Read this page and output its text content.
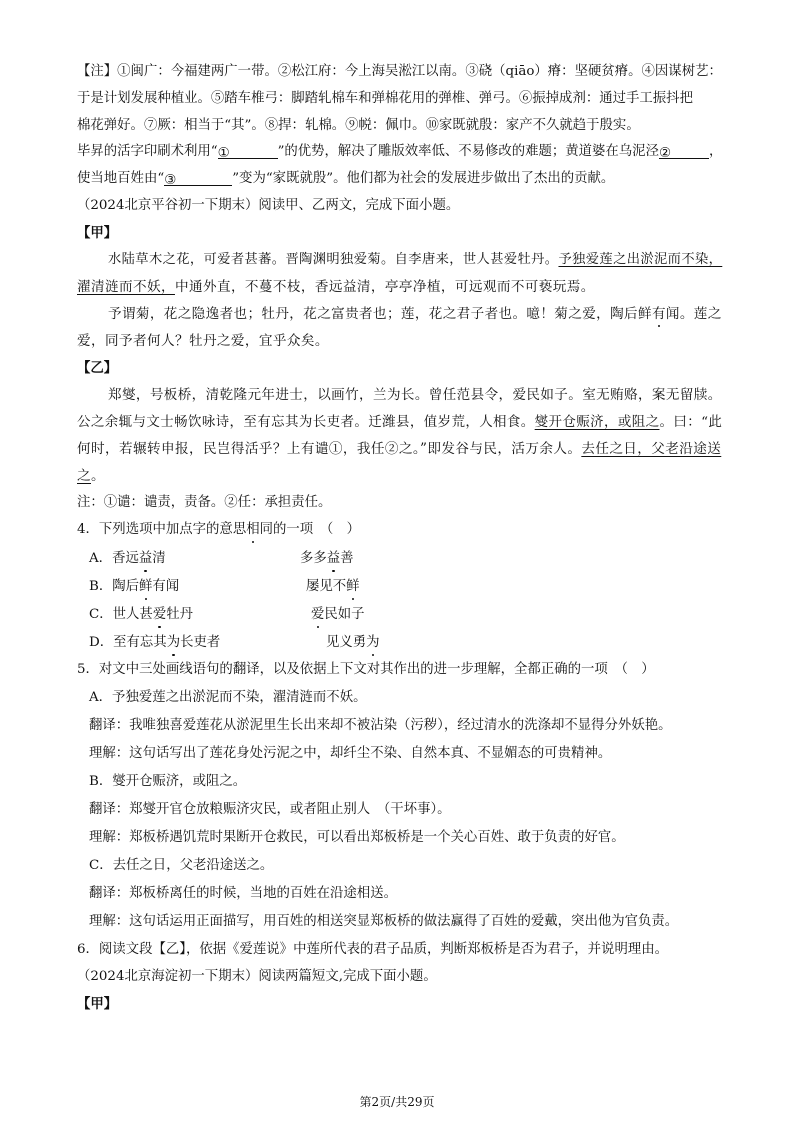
【注】①闽广：今福建两广一带。②松江府：今上海吴淞江以南。③硗（qiāo）瘠：坚硬贫瘠。④因谋树艺：
于是计划发展种植业。⑤踏车椎弓：脚踏轧棉车和弹棉花用的弹椎、弹弓。⑥振掉成剂：通过手工振抖把
棉花弹好。⑦厥：相当于“其”。⑧捍：轧棉。⑨帨：佩巾。⑩家既就殷：家产不久就趋于殷实。
毕昇的活字印刷术利用“①	”的优势，解决了雕版效率低、不易修改的难题；黄道婆在乌泥泾②	，
使当地百姓由“③	”变为“家既就殷”。他们都为社会的发展进步做出了杰出的贡献。
（2024北京平谷初一下期末）阅读甲、乙两文，完成下面小题。
【甲】
水陆草木之花，可爱者甚蕃。晋陶渊明独爱菊。自李唐来，世人甚爱牡丹。予独爱莲之出淤泥而不染，
濯清涟而不妖，中通外直，不蔓不枝，香远益清，亭亭净植，可远观而不可亵玩焉。
予谓菊，花之隐逸者也；牡丹，花之富贵者也；莲，花之君子者也。噫！菊之爱，陶后鲜有闻。莲之
爱，同予者何人？牡丹之爱，宜乎众矣。
【乙】
郑燮，号板桥，清乾隆元年进士，以画竹，兰为长。曾任范县令，爱民如子。室无贿赂，案无留牍。
公之余辄与文士畅饮咏诗，至有忘其为长吏者。迁潍县，值岁荒，人相食。燮开仓赈济，或阻之。曰：“此
何时，若辗转申报，民岂得活乎？上有谴①，我任②之。”即发谷与民，活万余人。去任之日，父老沿途送
之。
注：①谴：谴责，责备。②任：承担责任。
4．下列选项中加点字的意思相同的一项　（　）
A．香远益清	多多益善
B．陶后鲜有闻	屡见不鲜
C．世人甚爱牡丹	爱民如子
D．至有忘其为长吏者	见义勇为
5．对文中三处画线语句的翻译，以及依据上下文对其作出的进一步理解，全都正确的一项　（　）
A．予独爱莲之出淤泥而不染，濯清涟而不妖。
翻译：我唯独喜爱莲花从淤泥里生长出来却不被沾染（污秽），经过清水的洗涤却不显得分外妖艳。
理解：这句话写出了莲花身处污泥之中，却纤尘不染、自然本真、不显媚态的可贵精神。
B．燮开仓赈济，或阻之。
翻译：郑燮开官仓放粮赈济灾民，或者阻止别人　（干坏事）。
理解：郑板桥遇饥荒时果断开仓救民，可以看出郑板桥是一个关心百姓、敢于负责的好官。
C．去任之日，父老沿途送之。
翻译：郑板桥离任的时候，当地的百姓在沿途相送。
理解：这句话运用正面描写，用百姓的相送突显郑板桥的做法赢得了百姓的爱戴，突出他为官负责。
6．阅读文段【乙】，依据《爱莲说》中莲所代表的君子品质，判断郑板桥是否为君子，并说明理由。
（2024北京海淀初一下期末）阅读两篇短文,完成下面小题。
【甲】
第2页/共29页
